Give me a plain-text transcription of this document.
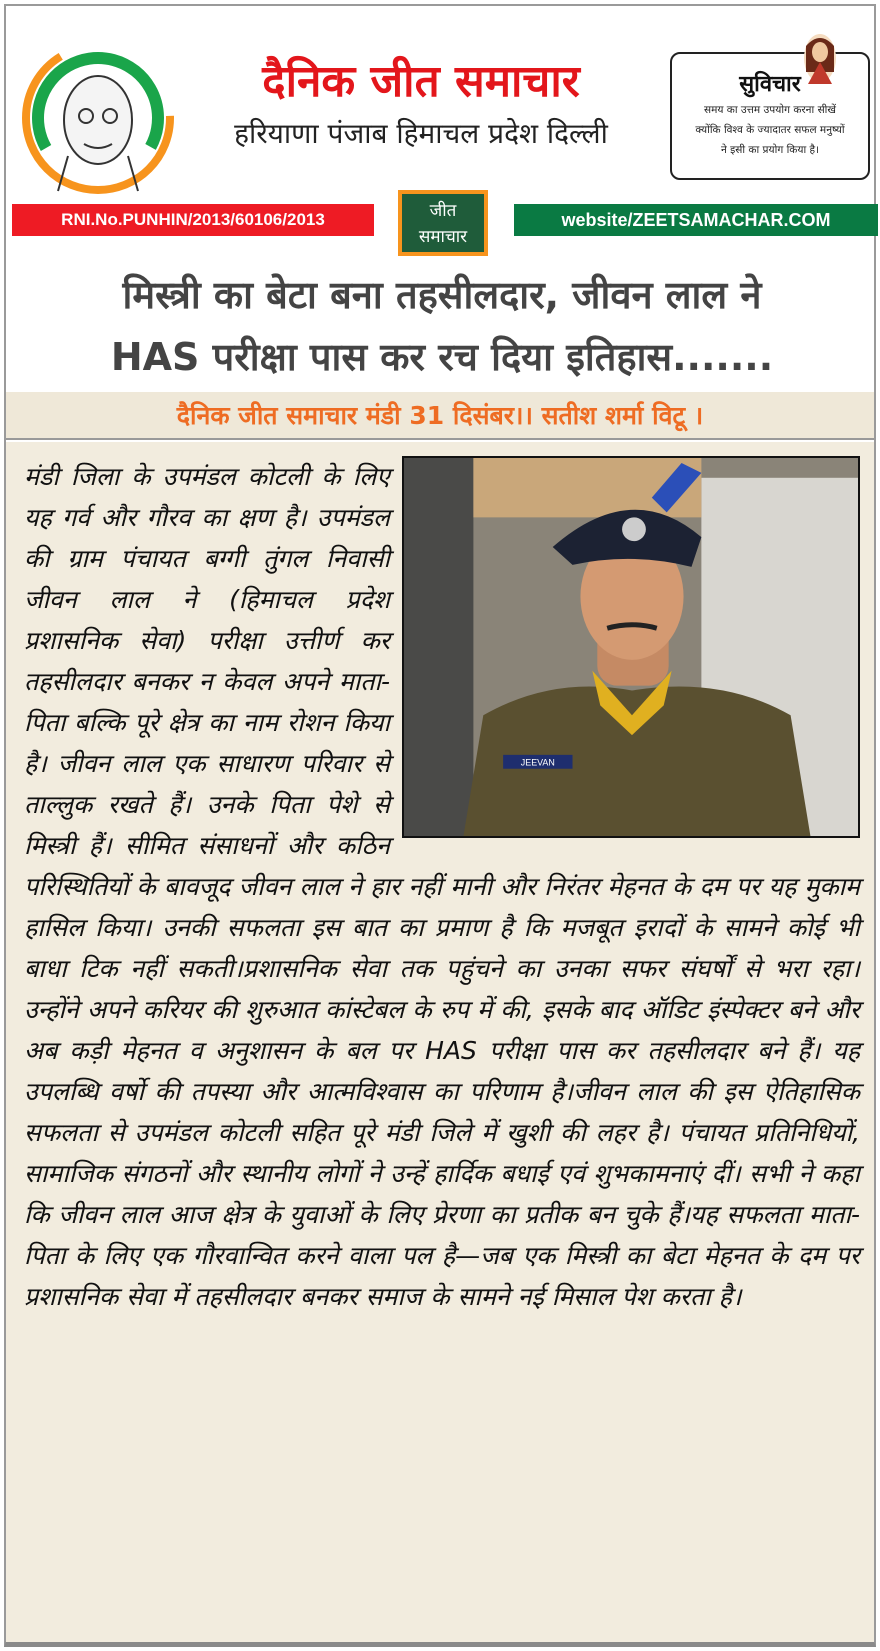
दैनिक जीत समाचार
हरियाणा पंजाब हिमाचल प्रदेश दिल्ली
सुविचार
समय का उत्तम उपयोग करना सीखें
क्योंकि विश्व के ज्यादातर सफल मनुष्यों
ने इसी का प्रयोग किया है।
RNI.No.PUNHIN/2013/60106/2013	जीत
समाचार
website/ZEETSAMACHAR.COM
मिस्त्री का बेटा बना तहसीलदार, जीवन लाल ने
HAS परीक्षा पास कर रच दिया इतिहास.......
दैनिक जीत समाचार मंडी 31 दिसंबर।। सतीश शर्मा विटू ।
JEEVAN

मंडी जिला के उपमंडल कोटली के लिए यह गर्व और गौरव का क्षण है। उपमंडल की ग्राम पंचायत बग्गी तुंगल निवासी जीवन लाल ने (हिमाचल प्रदेश प्रशासनिक सेवा) परीक्षा उत्तीर्ण कर तहसीलदार बनकर न केवल अपने माता-पिता बल्कि पूरे क्षेत्र का नाम रोशन किया है। जीवन लाल एक साधारण परिवार से ताल्लुक रखते हैं। उनके पिता पेशे से मिस्त्री हैं। सीमित संसाधनों और कठिन परिस्थितियों के बावजूद जीवन लाल ने हार नहीं मानी और निरंतर मेहनत के दम पर यह मुकाम हासिल किया। उनकी सफलता इस बात का प्रमाण है कि मजबूत इरादों के सामने कोई भी बाधा टिक नहीं सकती।प्रशासनिक सेवा तक पहुंचने का उनका सफर संघर्षों से भरा रहा। उन्होंने अपने करियर की शुरुआत कांस्टेबल के रुप में की, इसके बाद ऑडिट इंस्पेक्टर बने और अब कड़ी मेहनत व अनुशासन के बल पर HAS परीक्षा पास कर तहसीलदार बने हैं। यह उपलब्धि वर्षो की तपस्या और आत्मविश्वास का परिणाम है।जीवन लाल की इस ऐतिहासिक सफलता से उपमंडल कोटली सहित पूरे मंडी जिले में खुशी की लहर है। पंचायत प्रतिनिधियों, सामाजिक संगठनों और स्थानीय लोगों ने उन्हें हार्दिक बधाई एवं शुभकामनाएं दीं। सभी ने कहा कि जीवन लाल आज क्षेत्र के युवाओं के लिए प्रेरणा का प्रतीक बन चुके हैं।यह सफलता माता-पिता के लिए एक गौरवान्वित करने वाला पल है—जब एक मिस्त्री का बेटा मेहनत के दम पर प्रशासनिक सेवा में तहसीलदार बनकर समाज के सामने नई मिसाल पेश करता है।
